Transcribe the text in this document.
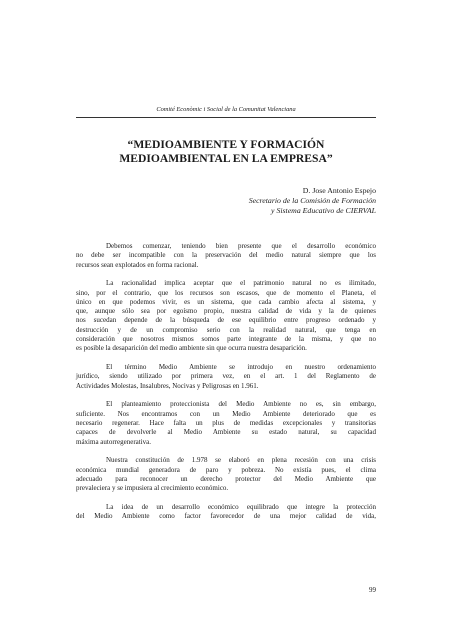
Comité Econòmic i Social de la Comunitat Valenciana
“MEDIOAMBIENTE Y FORMACIÓN
MEDIOAMBIENTAL EN LA EMPRESA”
D. Jose Antonio Espejo
Secretario de la Comisión de Formación
y Sistema Educativo de CIERVAL
Debemos comenzar, teniendo bien presente que el desarrollo económico
no debe ser incompatible con la preservación del medio natural siempre que los
recursos sean explotados en forma racional.
La racionalidad implica aceptar que el patrimonio natural no es ilimitado,
sino, por el contrario, que los recursos son escasos, que de momento el Planeta, el
único en que podemos vivir, es un sistema, que cada cambio afecta al sistema, y
que, aunque sólo sea por egoísmo propio, nuestra calidad de vida y la de quienes
nos sucedan depende de la búsqueda de ese equilibrio entre progreso ordenado y
destrucción y de un compromiso serio con la realidad natural, que tenga en
consideración que nosotros mismos somos parte integrante de la misma, y que no
es posible la desaparición del medio ambiente sin que ocurra nuestra desaparición.
El término Medio Ambiente se introdujo en nuestro ordenamiento
jurídico, siendo utilizado por primera vez, en el art. 1 del Reglamento de
Actividades Molestas, Insalubres, Nocivas y Peligrosas en 1.961.
El planteamiento proteccionista del Medio Ambiente no es, sin embargo,
suficiente. Nos encontramos con un Medio Ambiente deteriorado que es
necesario regenerar. Hace falta un plus de medidas excepcionales y transitorias
capaces de devolverle al Medio Ambiente su estado natural, su capacidad
máxima autorregenerativa.
Nuestra constitución de 1.978 se elaboró en plena recesión con una crisis
económica mundial generadora de paro y pobreza. No existía pues, el clima
adecuado para reconocer un derecho protector del Medio Ambiente que
prevaleciera y se impusiera al crecimiento económico.
La idea de un desarrollo económico equilibrado que integre la protección
del Medio Ambiente como factor favorecedor de una mejor calidad de vida,
99
